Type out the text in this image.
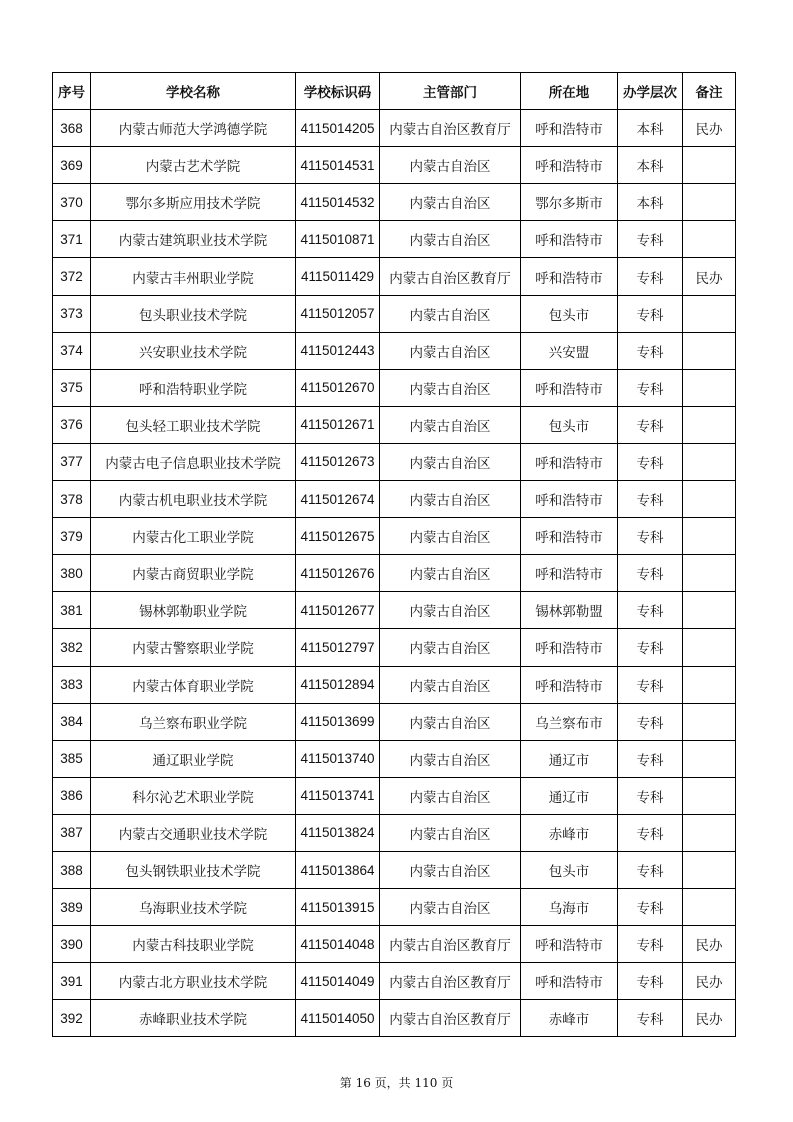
序号	学校名称	学校标识码	主管部门	所在地	办学层次	备注
368	内蒙古师范大学鸿德学院	4115014205	内蒙古自治区教育厅	呼和浩特市	本科	民办
369	内蒙古艺术学院	4115014531	内蒙古自治区	呼和浩特市	本科	
370	鄂尔多斯应用技术学院	4115014532	内蒙古自治区	鄂尔多斯市	本科	
371	内蒙古建筑职业技术学院	4115010871	内蒙古自治区	呼和浩特市	专科	
372	内蒙古丰州职业学院	4115011429	内蒙古自治区教育厅	呼和浩特市	专科	民办
373	包头职业技术学院	4115012057	内蒙古自治区	包头市	专科	
374	兴安职业技术学院	4115012443	内蒙古自治区	兴安盟	专科	
375	呼和浩特职业学院	4115012670	内蒙古自治区	呼和浩特市	专科	
376	包头轻工职业技术学院	4115012671	内蒙古自治区	包头市	专科	
377	内蒙古电子信息职业技术学院	4115012673	内蒙古自治区	呼和浩特市	专科	
378	内蒙古机电职业技术学院	4115012674	内蒙古自治区	呼和浩特市	专科	
379	内蒙古化工职业学院	4115012675	内蒙古自治区	呼和浩特市	专科	
380	内蒙古商贸职业学院	4115012676	内蒙古自治区	呼和浩特市	专科	
381	锡林郭勒职业学院	4115012677	内蒙古自治区	锡林郭勒盟	专科	
382	内蒙古警察职业学院	4115012797	内蒙古自治区	呼和浩特市	专科	
383	内蒙古体育职业学院	4115012894	内蒙古自治区	呼和浩特市	专科	
384	乌兰察布职业学院	4115013699	内蒙古自治区	乌兰察布市	专科	
385	通辽职业学院	4115013740	内蒙古自治区	通辽市	专科	
386	科尔沁艺术职业学院	4115013741	内蒙古自治区	通辽市	专科	
387	内蒙古交通职业技术学院	4115013824	内蒙古自治区	赤峰市	专科	
388	包头钢铁职业技术学院	4115013864	内蒙古自治区	包头市	专科	
389	乌海职业技术学院	4115013915	内蒙古自治区	乌海市	专科	
390	内蒙古科技职业学院	4115014048	内蒙古自治区教育厅	呼和浩特市	专科	民办
391	内蒙古北方职业技术学院	4115014049	内蒙古自治区教育厅	呼和浩特市	专科	民办
392	赤峰职业技术学院	4115014050	内蒙古自治区教育厅	赤峰市	专科	民办
第 16 页，共 110 页
